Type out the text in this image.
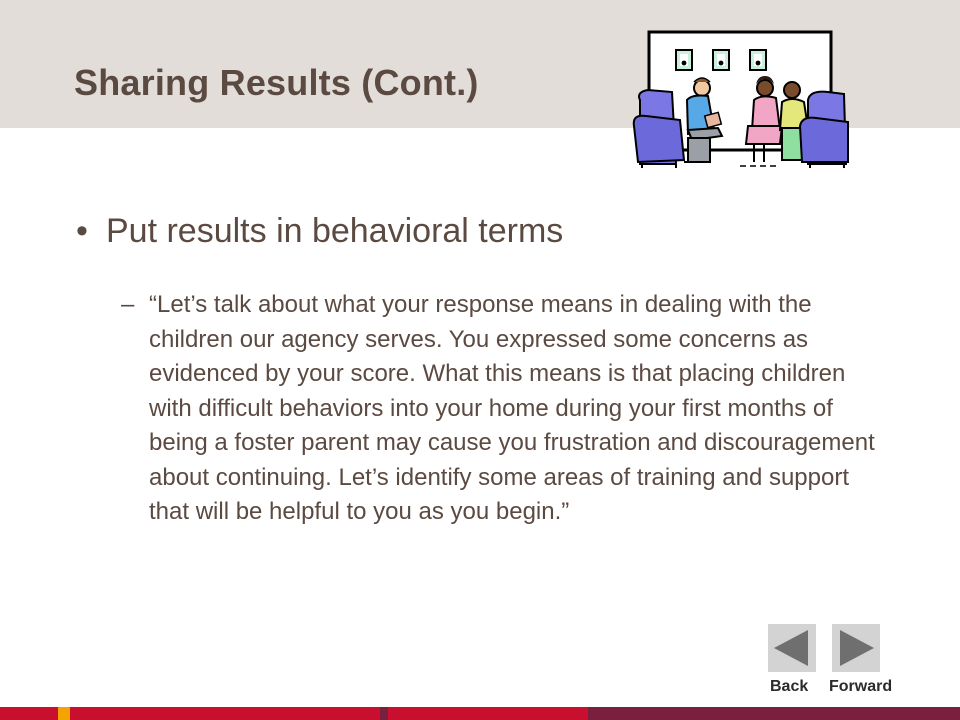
Sharing Results (Cont.)
• Put results in behavioral terms
– “Let’s talk about what your response means in dealing with the children our agency serves. You expressed some concerns as evidenced by your score. What this means is that placing children with difficult behaviors into your home during your first months of being a foster parent may cause you frustration and discouragement about continuing. Let’s identify some areas of training and support that will be helpful to you as you begin.”
Back Forward
